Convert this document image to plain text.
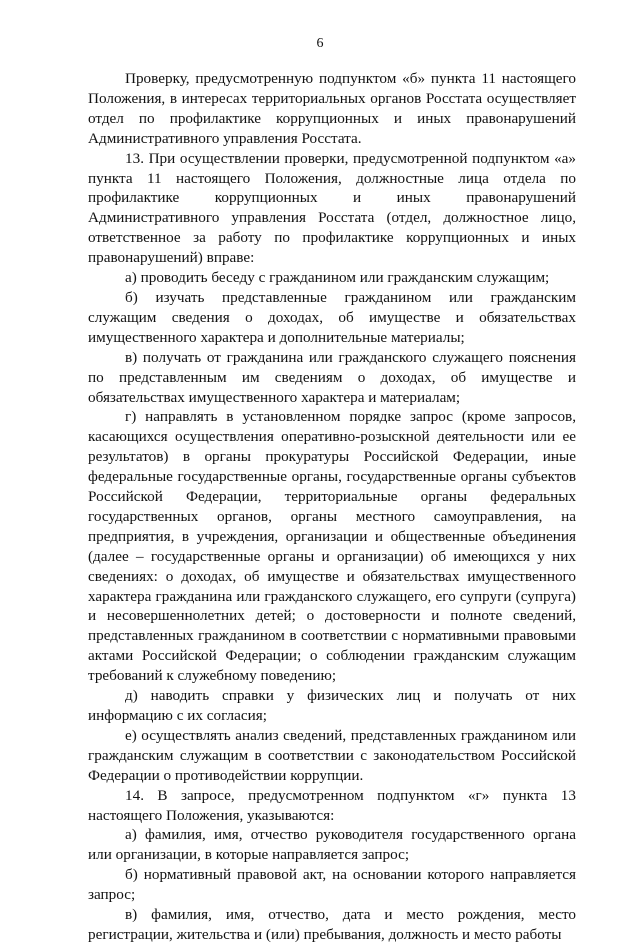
6

Проверку, предусмотренную подпунктом «б» пункта 11 настоящего Положения, в интересах территориальных органов Росстата осуществляет отдел по профилактике коррупционных и иных правонарушений Административного управления Росстата.

13. При осуществлении проверки, предусмотренной подпунктом «а» пункта 11 настоящего Положения, должностные лица отдела по профилактике коррупционных и иных правонарушений Административного управления Росстата (отдел, должностное лицо, ответственное за работу по профилактике коррупционных и иных правонарушений) вправе:

а) проводить беседу с гражданином или гражданским служащим;

б) изучать представленные гражданином или гражданским служащим сведения о доходах, об имуществе и обязательствах имущественного характера и дополнительные материалы;

в) получать от гражданина или гражданского служащего пояснения по представленным им сведениям о доходах, об имуществе и обязательствах имущественного характера и материалам;

г) направлять в установленном порядке запрос (кроме запросов, касающихся осуществления оперативно-розыскной деятельности или ее результатов) в органы прокуратуры Российской Федерации, иные федеральные государственные органы, государственные органы субъектов Российской Федерации, территориальные органы федеральных государственных органов, органы местного самоуправления, на предприятия, в учреждения, организации и общественные объединения (далее – государственные органы и организации) об имеющихся у них сведениях: о доходах, об имуществе и обязательствах имущественного характера гражданина или гражданского служащего, его супруги (супруга) и несовершеннолетних детей; о достоверности и полноте сведений, представленных гражданином в соответствии с нормативными правовыми актами Российской Федерации; о соблюдении гражданским служащим требований к служебному поведению;

д) наводить справки у физических лиц и получать от них информацию с их согласия;

е) осуществлять анализ сведений, представленных гражданином или гражданским служащим в соответствии с законодательством Российской Федерации о противодействии коррупции.

14. В запросе, предусмотренном подпунктом «г» пункта 13 настоящего Положения, указываются:

а) фамилия, имя, отчество руководителя государственного органа или организации, в которые направляется запрос;

б) нормативный правовой акт, на основании которого направляется запрос;

в) фамилия, имя, отчество, дата и место рождения, место регистрации, жительства и (или) пребывания, должность и место работы
